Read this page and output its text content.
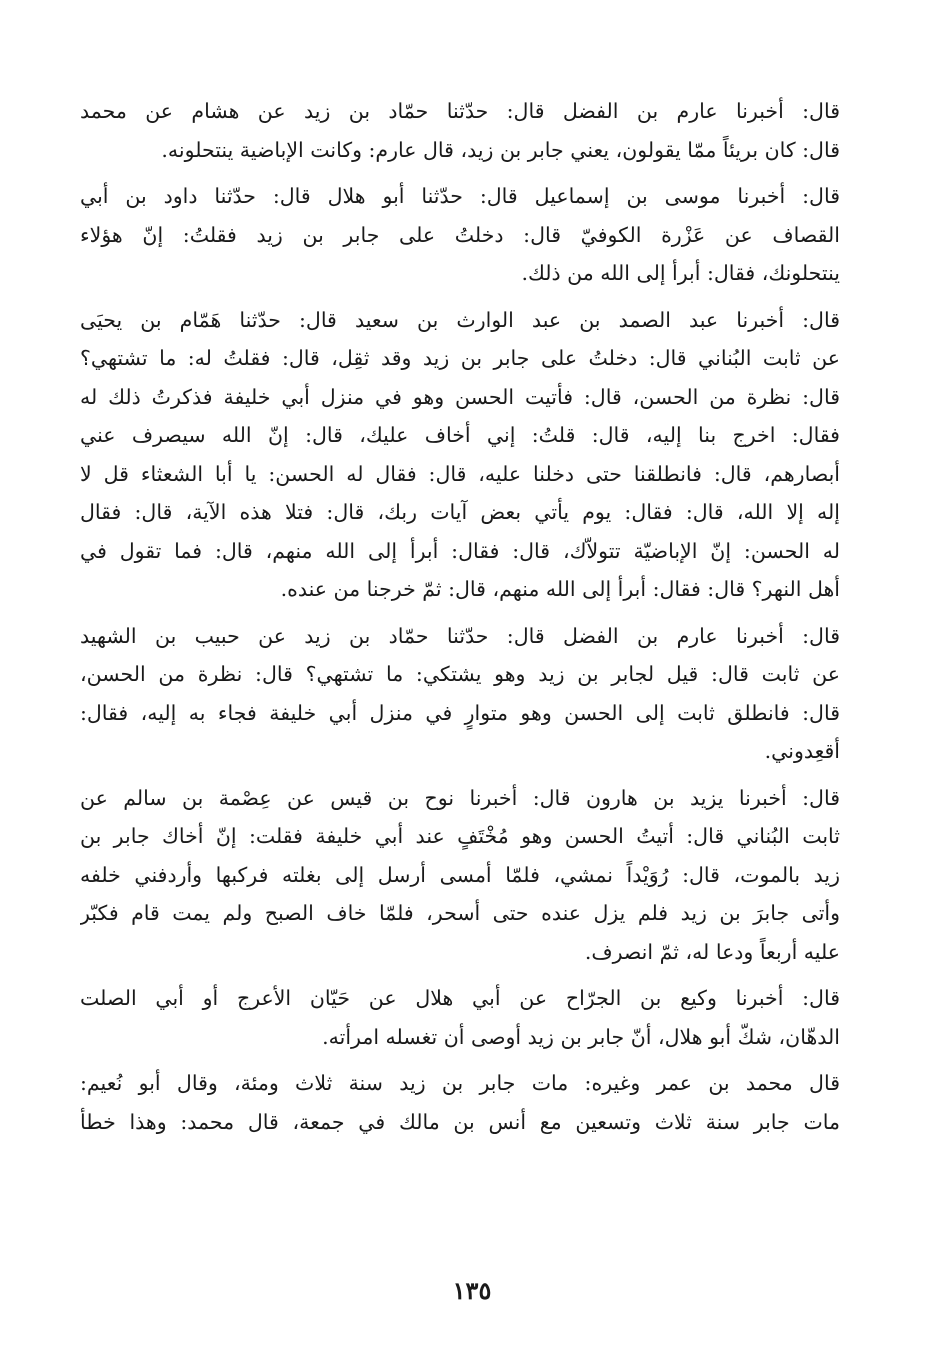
قال: أخبرنا عارم بن الفضل قال: حدّثنا حمّاد بن زيد عن هشام عن محمد
قال: كان بريئاً ممّا يقولون، يعني جابر بن زيد، قال عارم: وكانت الإباضية ينتحلونه.
قال: أخبرنا موسى بن إسماعيل قال: حدّثنا أبو هلال قال: حدّثنا داود بن أبي
القصاف عن عَزْرة الكوفيّ قال: دخلتُ على جابر بن زيد فقلتُ: إنّ هؤلاء
ينتحلونك، فقال: أبرأ إلى الله من ذلك.
قال: أخبرنا عبد الصمد بن عبد الوارث بن سعيد قال: حدّثنا هَمّام بن يحيَى
عن ثابت البُناني قال: دخلتُ على جابر بن زيد وقد ثقِل، قال: فقلتُ له: ما تشتهي؟
قال: نظرة من الحسن، قال: فأتيت الحسن وهو في منزل أبي خليفة فذكرتُ ذلك له
فقال: اخرج بنا إليه، قال: قلتُ: إني أخاف عليك، قال: إنّ الله سيصرف عني
أبصارهم، قال: فانطلقنا حتى دخلنا عليه، قال: فقال له الحسن: يا أبا الشعثاء قل لا
إله إلا الله، قال: فقال: يوم يأتي بعض آيات ربك، قال: فتلا هذه الآية، قال: فقال
له الحسن: إنّ الإباضيّة تتولاّك، قال: فقال: أبرأ إلى الله منهم، قال: فما تقول في
أهل النهر؟ قال: فقال: أبرأ إلى الله منهم، قال: ثمّ خرجنا من عنده.
قال: أخبرنا عارم بن الفضل قال: حدّثنا حمّاد بن زيد عن حبيب بن الشهيد
عن ثابت قال: قيل لجابر بن زيد وهو يشتكي: ما تشتهي؟ قال: نظرة من الحسن،
قال: فانطلق ثابت إلى الحسن وهو متوارٍ في منزل أبي خليفة فجاء به إليه، فقال:
أقعِدوني.
قال: أخبرنا يزيد بن هارون قال: أخبرنا نوح بن قيس عن عِصْمة بن سالم عن
ثابت البُناني قال: أتيتُ الحسن وهو مُخْتَفٍ عند أبي خليفة فقلت: إنّ أخاك جابر بن
زيد بالموت، قال: رُوَيْداً نمشي، فلمّا أمسى أرسل إلى بغلته فركبها وأردفني خلفه
وأتى جابرَ بن زيد فلم يزل عنده حتى أسحر، فلمّا خاف الصبح ولم يمت قام فكبّر
عليه أربعاً ودعا له، ثمّ انصرف.
قال: أخبرنا وكيع بن الجرّاح عن أبي هلال عن حَيّان الأعرج أو أبي الصلت
الدهّان، شكّ أبو هلال، أنّ جابر بن زيد أوصى أن تغسله امرأته.
قال محمد بن عمر وغيره: مات جابر بن زيد سنة ثلاث ومئة، وقال أبو نُعيم:
مات جابر سنة ثلاث وتسعين مع أنس بن مالك في جمعة، قال محمد: وهذا خطأ
١٣٥
